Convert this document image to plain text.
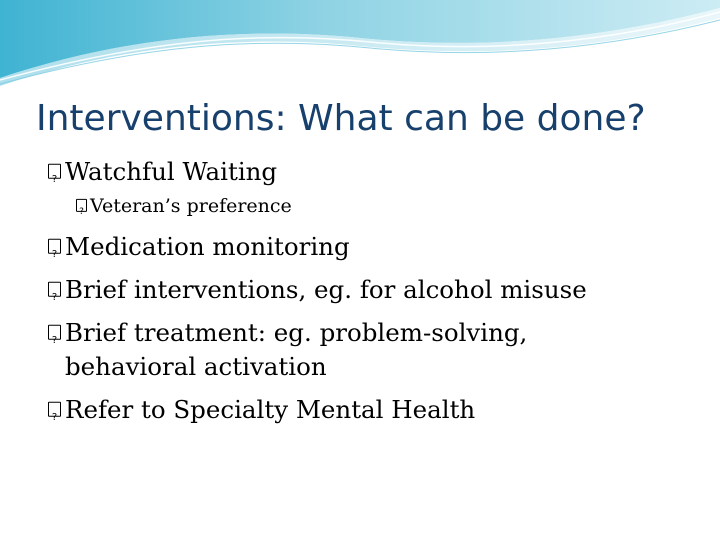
Interventions: What can be done?
?
Watchful Waiting
?
Veteran’s preference
?
Medication monitoring
?
Brief interventions, eg. for alcohol misuse
?
Brief treatment: eg. problem-solving, behavioral activation
?
Refer to Specialty Mental Health
